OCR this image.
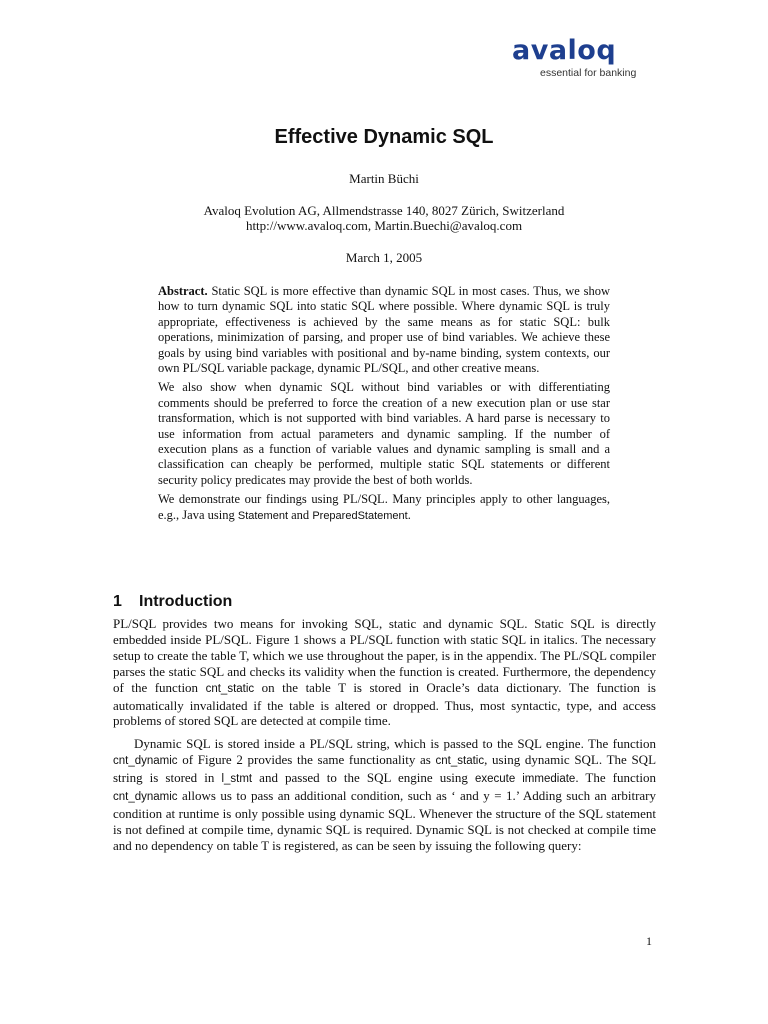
avaloq
essential for banking
Effective Dynamic SQL
Martin Büchi
Avaloq Evolution AG, Allmendstrasse 140, 8027 Zürich, Switzerland
http://www.avaloq.com, Martin.Buechi@avaloq.com
March 1, 2005

Abstract. Static SQL is more effective than dynamic SQL in most cases. Thus, we show how to turn dynamic SQL into static SQL where possible. Where dynamic SQL is truly appropriate, effectiveness is achieved by the same means as for static SQL: bulk operations, minimization of parsing, and proper use of bind variables. We achieve these goals by using bind variables with positional and by-name binding, system contexts, our own PL/SQL variable package, dynamic PL/SQL, and other creative means.

We also show when dynamic SQL without bind variables or with differentiating comments should be preferred to force the creation of a new execution plan or use star transformation, which is not supported with bind variables. A hard parse is necessary to use information from actual parameters and dynamic sampling. If the number of execution plans as a function of variable values and dynamic sampling is small and a classification can cheaply be performed, multiple static SQL statements or different security policy predicates may provide the best of both worlds.

We demonstrate our findings using PL/SQL. Many principles apply to other languages, e.g., Java using Statement and PreparedStatement.

1 Introduction

PL/SQL provides two means for invoking SQL, static and dynamic SQL. Static SQL is directly embedded inside PL/SQL. Figure 1 shows a PL/SQL function with static SQL in italics. The necessary setup to create the table T, which we use throughout the paper, is in the appendix. The PL/SQL compiler parses the static SQL and checks its validity when the function is created. Furthermore, the dependency of the function cnt_static on the table T is stored in Oracle’s data dictionary. The function is automatically invalidated if the table is altered or dropped. Thus, most syntactic, type, and access problems of stored SQL are detected at compile time.

Dynamic SQL is stored inside a PL/SQL string, which is passed to the SQL engine. The function cnt_dynamic of Figure 2 provides the same functionality as cnt_static, using dynamic SQL. The SQL string is stored in l_stmt and passed to the SQL engine using execute immediate. The function cnt_dynamic allows us to pass an additional condition, such as ‘ and y = 1.’ Adding such an arbitrary condition at runtime is only possible using dynamic SQL. Whenever the structure of the SQL statement is not defined at compile time, dynamic SQL is required. Dynamic SQL is not checked at compile time and no dependency on table T is registered, as can be seen by issuing the following query:

1
